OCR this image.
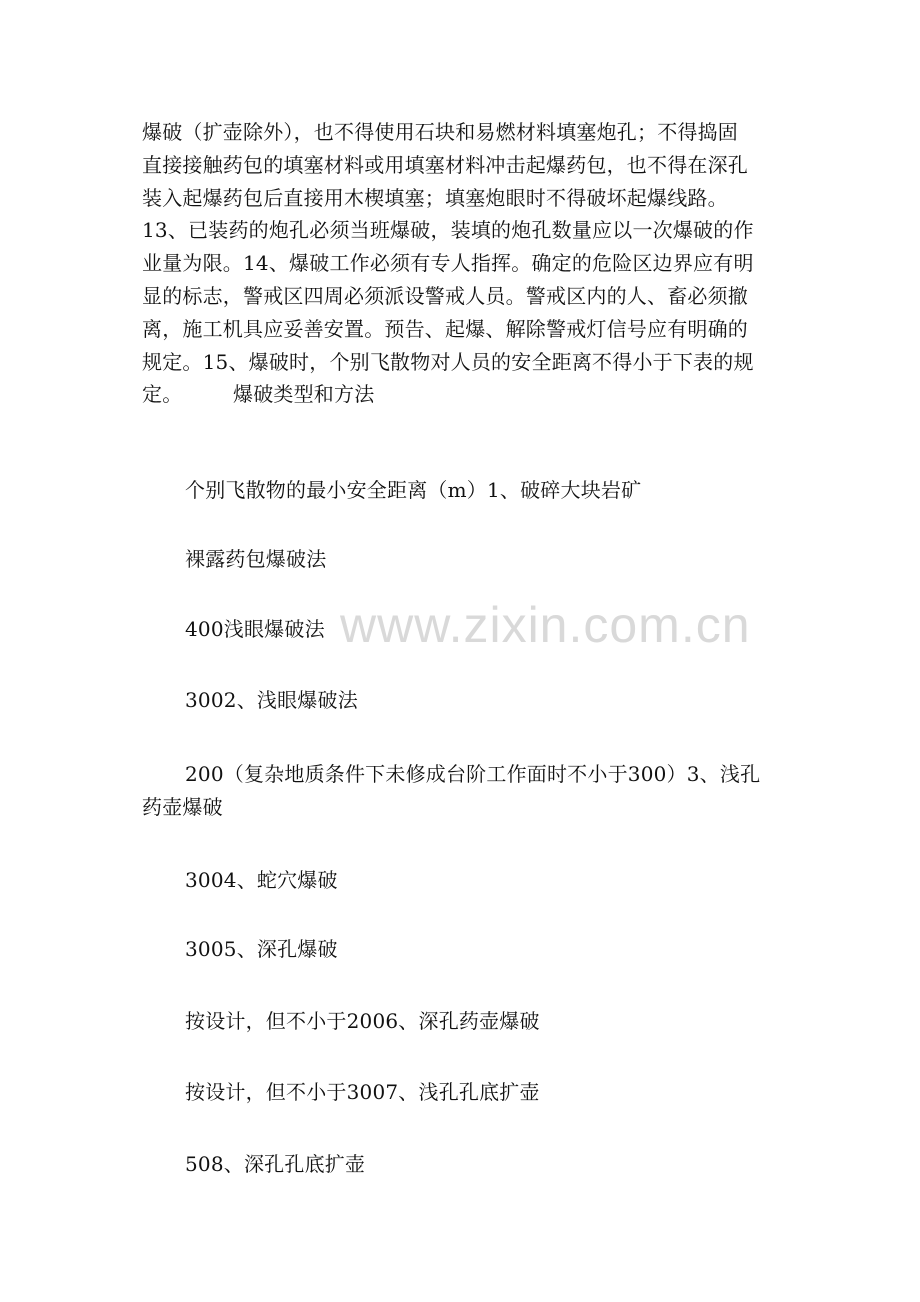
爆破（扩壶除外），也不得使用石块和易燃材料填塞炮孔；不得捣固
直接接触药包的填塞材料或用填塞材料冲击起爆药包，也不得在深孔
装入起爆药包后直接用木楔填塞；填塞炮眼时不得破坏起爆线路。
13、已装药的炮孔必须当班爆破，装填的炮孔数量应以一次爆破的作
业量为限。14、爆破工作必须有专人指挥。确定的危险区边界应有明
显的标志，警戒区四周必须派设警戒人员。警戒区内的人、畜必须撤
离，施工机具应妥善安置。预告、起爆、解除警戒灯信号应有明确的
规定。15、爆破时，个别飞散物对人员的安全距离不得小于下表的规
定。　　　爆破类型和方法
个别飞散物的最小安全距离（m）1、破碎大块岩矿
裸露药包爆破法
400浅眼爆破法
3002、浅眼爆破法
200（复杂地质条件下未修成台阶工作面时不小于300）3、浅孔
药壶爆破
3004、蛇穴爆破
3005、深孔爆破
按设计，但不小于2006、深孔药壶爆破
按设计，但不小于3007、浅孔孔底扩壶
508、深孔孔底扩壶
www.zixin.com.cn
